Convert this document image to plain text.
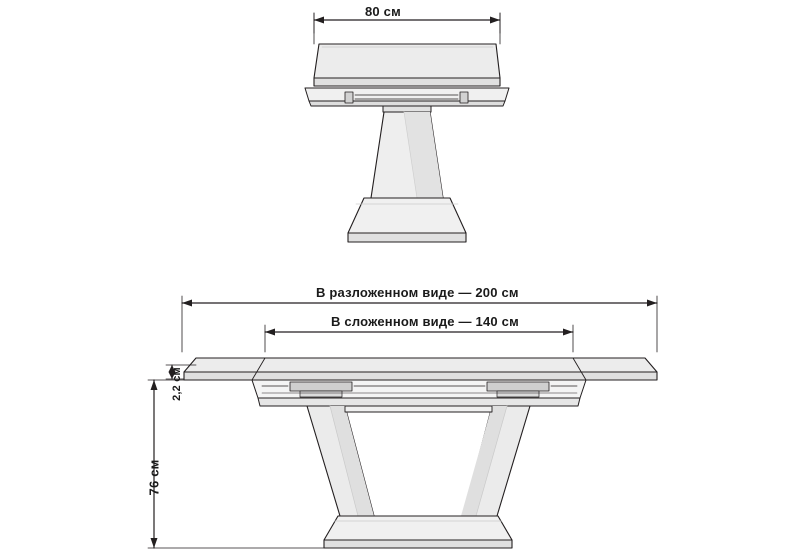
80 см
В разложенном виде — 200 см
В сложенном виде — 140 см
2,2 см
76 см
